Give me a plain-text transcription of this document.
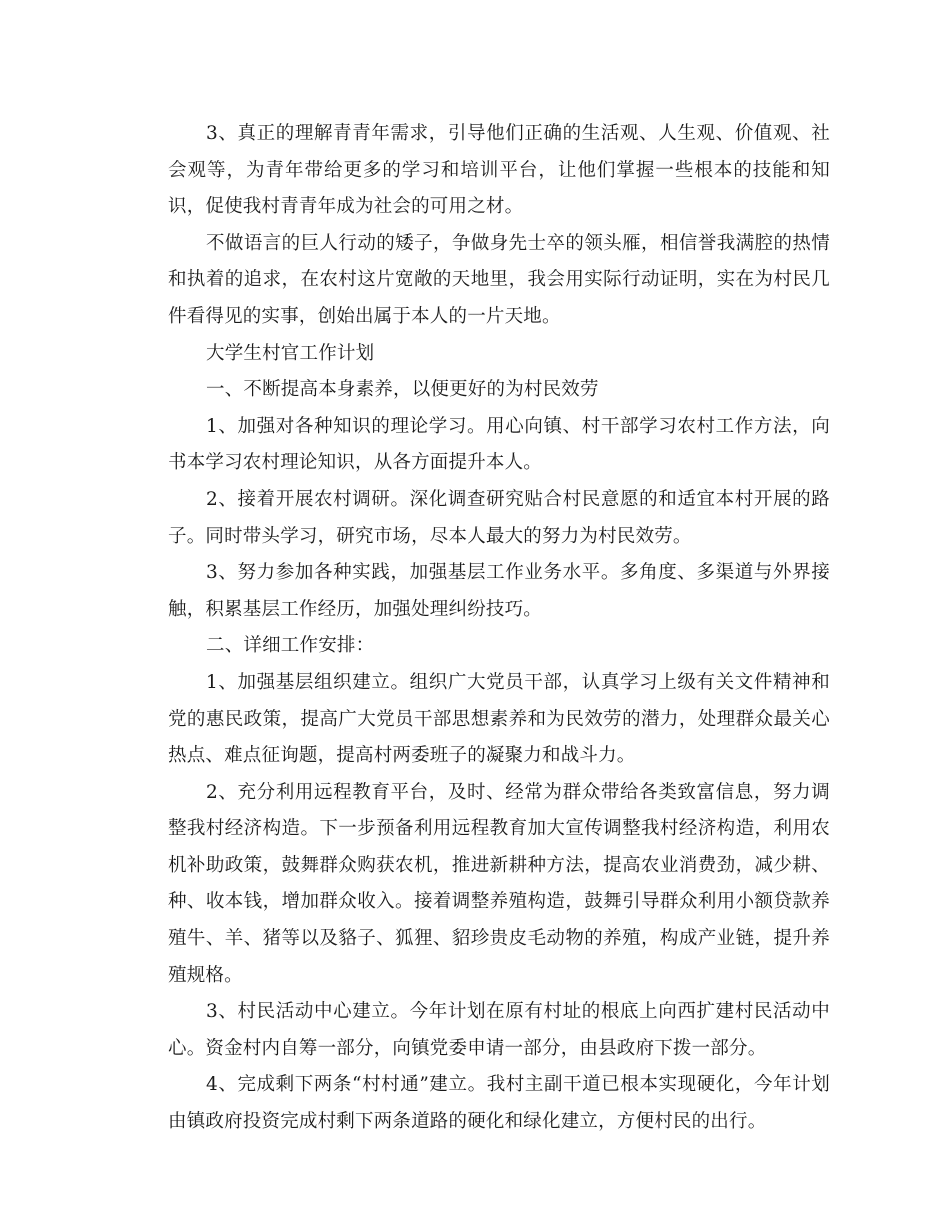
3、真正的理解青青年需求，引导他们正确的生活观、人生观、价值观、社会观等，为青年带给更多的学习和培训平台，让他们掌握一些根本的技能和知识，促使我村青青年成为社会的可用之材。

不做语言的巨人行动的矮子，争做身先士卒的领头雁，相信誉我满腔的热情和执着的追求，在农村这片宽敞的天地里，我会用实际行动证明，实在为村民几件看得见的实事，创始出属于本人的一片天地。

大学生村官工作计划

一、不断提高本身素养，以便更好的为村民效劳

1、加强对各种知识的理论学习。用心向镇、村干部学习农村工作方法，向书本学习农村理论知识，从各方面提升本人。

2、接着开展农村调研。深化调查研究贴合村民意愿的和适宜本村开展的路子。同时带头学习，研究市场，尽本人最大的努力为村民效劳。

3、努力参加各种实践，加强基层工作业务水平。多角度、多渠道与外界接触，积累基层工作经历，加强处理纠纷技巧。

二、详细工作安排：

1、加强基层组织建立。组织广大党员干部，认真学习上级有关文件精神和党的惠民政策，提高广大党员干部思想素养和为民效劳的潜力，处理群众最关心热点、难点征询题，提高村两委班子的凝聚力和战斗力。

2、充分利用远程教育平台，及时、经常为群众带给各类致富信息，努力调整我村经济构造。下一步预备利用远程教育加大宣传调整我村经济构造，利用农机补助政策，鼓舞群众购获农机，推进新耕种方法，提高农业消费劲，减少耕、种、收本钱，增加群众收入。接着调整养殖构造，鼓舞引导群众利用小额贷款养殖牛、羊、猪等以及貉子、狐狸、貂珍贵皮毛动物的养殖，构成产业链，提升养殖规格。

3、村民活动中心建立。今年计划在原有村址的根底上向西扩建村民活动中心。资金村内自筹一部分，向镇党委申请一部分，由县政府下拨一部分。

4、完成剩下两条“村村通”建立。我村主副干道已根本实现硬化，今年计划由镇政府投资完成村剩下两条道路的硬化和绿化建立，方便村民的出行。
